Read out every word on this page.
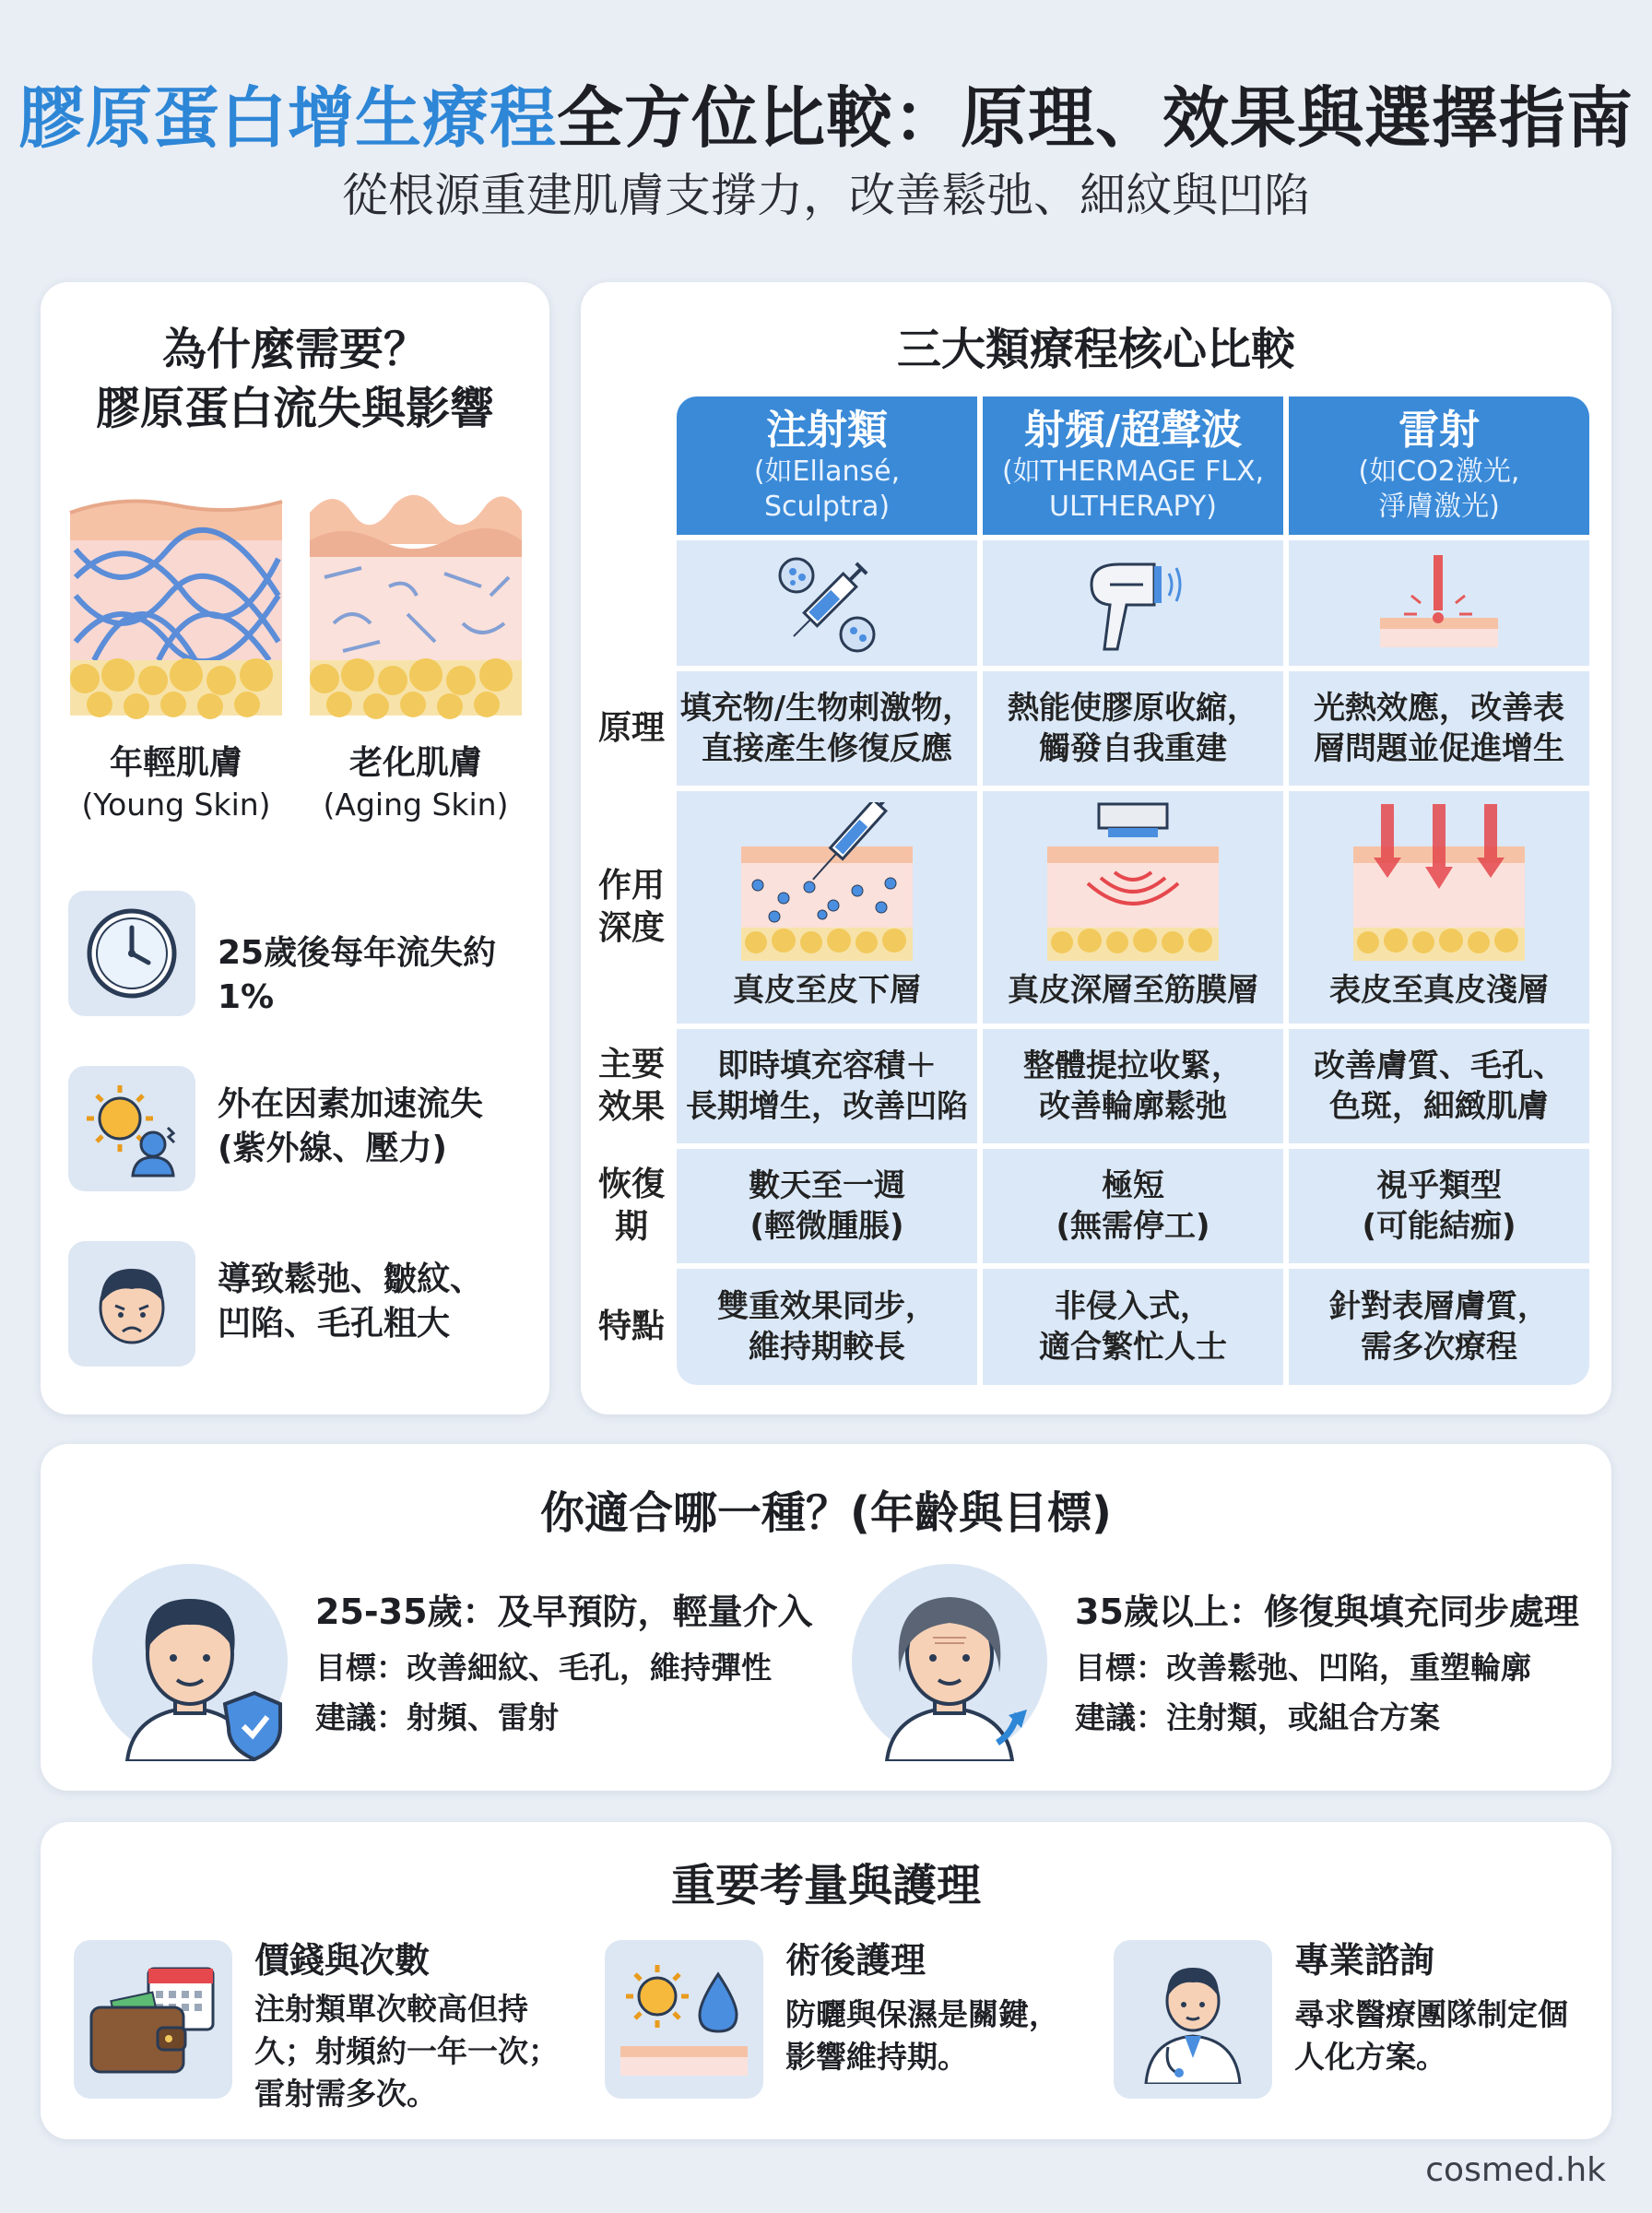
膠原蛋白增生療程全方位比較：原理、效果與選擇指南
從根源重建肌膚支撐力，改善鬆弛、細紋與凹陷
為什麼需要？
膠原蛋白流失與影響
年輕肌膚
(Young Skin)
老化肌膚
(Aging Skin)
25歲後每年流失約1%
外在因素加速流失
(紫外線、壓力)
導致鬆弛、皺紋、
凹陷、毛孔粗大
三大類療程核心比較
注射類
(如Ellansé,
Sculptra)
射頻/超聲波
(如THERMAGE FLX,
ULTHERAPY)
雷射
(如CO2激光,
淨膚激光)
原理
填充物/生物刺激物，
直接產生修復反應
熱能使膠原收縮，
觸發自我重建
光熱效應，改善表
層問題並促進增生
作用
深度
真皮至皮下層	真皮深層至筋膜層 表皮至真皮淺層
主要
效果
即時填充容積＋
長期增生，改善凹陷
整體提拉收緊，
改善輪廓鬆弛
改善膚質、毛孔、
色斑，細緻肌膚
恢復
期
數天至一週
(輕微腫脹)
極短
(無需停工)
視乎類型
(可能結痂)
特點
雙重效果同步，
維持期較長
非侵入式，
適合繁忙人士
針對表層膚質，
需多次療程
你適合哪一種？(年齡與目標)
25-35歲：及早預防，輕量介入
目標：改善細紋、毛孔，維持彈性
建議：射頻、雷射
35歲以上：修復與填充同步處理
目標：改善鬆弛、凹陷，重塑輪廓
建議：注射類，或組合方案
重要考量與護理
價錢與次數
注射類單次較高但持
久；射頻約一年一次；
雷射需多次。
術後護理
防曬與保濕是關鍵，
影響維持期。
專業諮詢
尋求醫療團隊制定個
人化方案。
cosmed.hk
